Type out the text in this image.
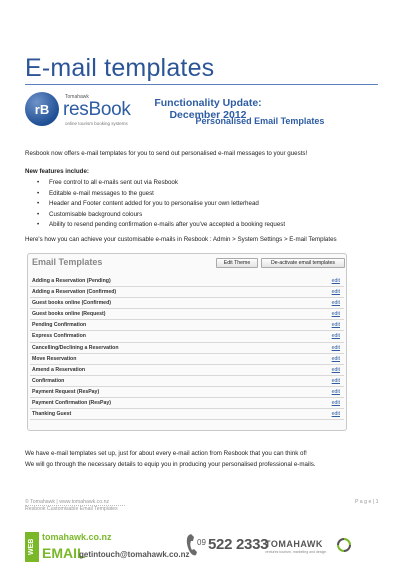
E-mail templates
rB
Tomahawk
resBook
online tourism booking systems
Functionality Update: December 2012
Personalised Email Templates
Resbook now offers e-mail templates for you to send out personalised e-mail messages to your guests!
New features include:
• Free control to all e-mails sent out via Resbook
• Editable e-mail messages to the guest
• Header and Footer content added for you to personalise your own letterhead
• Customisable background colours
• Ability to resend pending confirmation e-mails after you've accepted a booking request
Here's how you can achieve your customisable e-mails in Resbook : Admin > System Settings > E-mail Templates
Email Templates	Edit Theme	De-activate email templates
Adding a Reservation (Pending)	edit
Adding a Reservation (Confirmed)	edit
Guest books online (Confirmed)	edit
Guest books online (Request)	edit
Pending Confirmation	edit
Express Confirmation	edit
Cancelling/Declining a Reservation	edit
Move Reservation	edit
Amend a Reservation	edit
Confirmation	edit
Payment Request (ResPay)	edit
Payment Confirmation (ResPay)	edit
Thanking Guest	edit
We have e-mail templates set up, just for about every e-mail action from Resbook that you can think of!
We will go through the necessary details to equip you in producing your personalised professional e-mails.
© Tomahawk | www.tomahawk.co.nz
Resbook Customisable Email Templates
P a g e | 1
WEB
tomahawk.co.nz
EMAIL
getintouch@tomahawk.co.nz
09 522 2333
TOMAHAWK
ventures tourism, marketing and design
